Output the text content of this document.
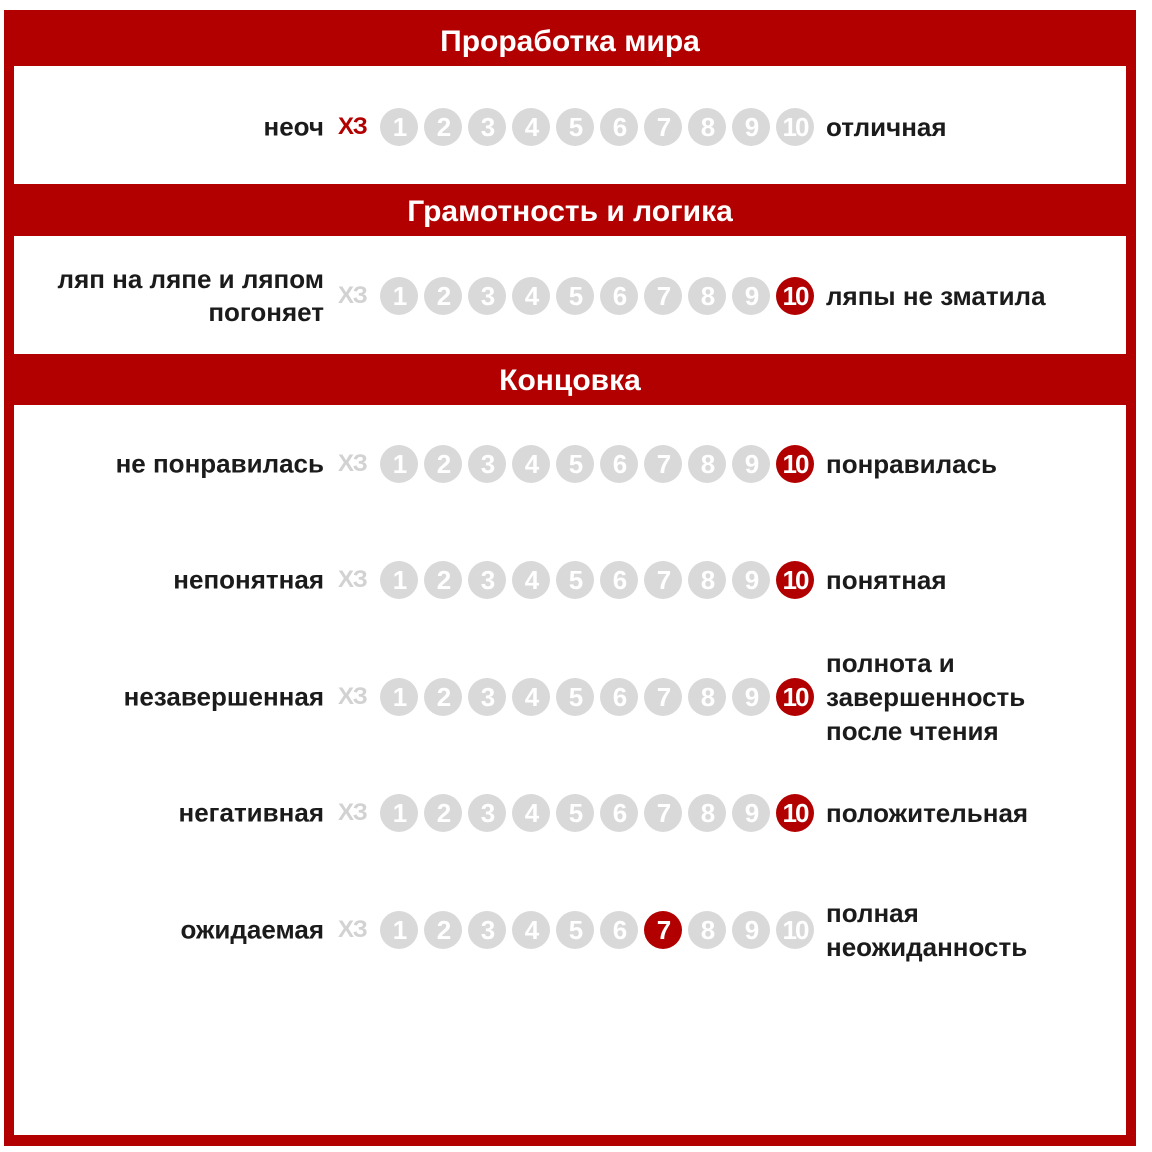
Проработка мира
Грамотность и логика
Концовка
неоч ХЗ	1	2	3	4	5	6	7	8	9 10 отличная
ляп на ляпе и ляпом
погоняет
ХЗ	1	2	3	4	5	6	7	8	9 10 ляпы не зматила
не понравилась ХЗ	1	2	3	4	5	6	7	8	9 10 понравилась
непонятная ХЗ	1	2	3	4	5	6	7	8	9 10 понятная
незавершенная ХЗ	1	2	3	4	5	6	7	8	9 10
полнота и
завершенность
после чтения
негативная ХЗ	1	2	3	4	5	6	7	8	9 10 положительная
ожидаемая ХЗ	1	2	3	4	5	6	7	8	9 10
полная
неожиданность
